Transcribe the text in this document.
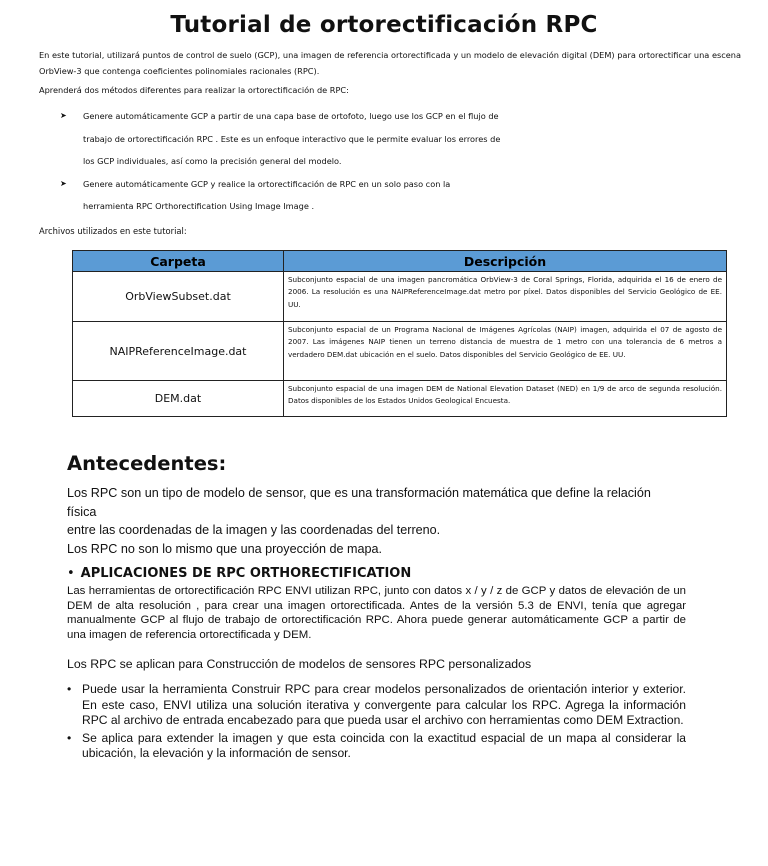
Tutorial de ortorectificación RPC

En este tutorial, utilizará puntos de control de suelo (GCP), una imagen de referencia ortorectificada y un modelo de elevación digital (DEM) para ortorectificar una escena OrbView-3 que contenga coeficientes polinomiales racionales (RPC).

Aprenderá dos métodos diferentes para realizar la ortorectificación de RPC:

➤ Genere automáticamente GCP a partir de una capa base de ortofoto, luego use los GCP en el flujo de
trabajo de ortorectificación RPC . Este es un enfoque interactivo que le permite evaluar los errores de
los GCP individuales, así como la precisión general del modelo.
➤ Genere automáticamente GCP y realice la ortorectificación de RPC en un solo paso con la
herramienta RPC Orthorectification Using Image Image .

Archivos utilizados en este tutorial:

Carpeta	Descripción
OrbViewSubset.dat	Subconjunto espacial de una imagen pancromática OrbView-3 de Coral Springs, Florida, adquirida el 16 de enero de 2006. La resolución es una NAIPReferenceImage.dat metro por píxel. Datos disponibles del Servicio Geológico de EE. UU.
NAIPReferenceImage.dat	Subconjunto espacial de un Programa Nacional de Imágenes Agrícolas (NAIP) imagen, adquirida el 07 de agosto de 2007. Las imágenes NAIP tienen un terreno distancia de muestra de 1 metro con una tolerancia de 6 metros a verdadero DEM.dat ubicación en el suelo. Datos disponibles del Servicio Geológico de EE. UU.
DEM.dat	Subconjunto espacial de una imagen DEM de National Elevation Dataset (NED) en 1/9 de arco de segunda resolución. Datos disponibles de los Estados Unidos Geological Encuesta.
Antecedentes:

Los RPC son un tipo de modelo de sensor, que es una transformación matemática que define la relación
física
entre las coordenadas de la imagen y las coordenadas del terreno.
Los RPC no son lo mismo que una proyección de mapa.

• APLICACIONES DE RPC ORTHORECTIFICATION

Las herramientas de ortorectificación RPC ENVI utilizan RPC, junto con datos x / y / z de GCP y datos de elevación de un DEM de alta resolución , para crear una imagen ortorectificada. Antes de la versión 5.3 de ENVI, tenía que agregar manualmente GCP al flujo de trabajo de ortorectificación RPC. Ahora puede generar automáticamente GCP a partir de una imagen de referencia ortorectificada y DEM.

Los RPC se aplican para Construcción de modelos de sensores RPC personalizados

• Puede usar la herramienta Construir RPC para crear modelos personalizados de orientación interior y exterior. En este caso, ENVI utiliza una solución iterativa y convergente para calcular los RPC. Agrega la información RPC al archivo de entrada encabezado para que pueda usar el archivo con herramientas como DEM Extraction.
• Se aplica para extender la imagen y que esta coincida con la exactitud espacial de un mapa al considerar la ubicación, la elevación y la información de sensor.
